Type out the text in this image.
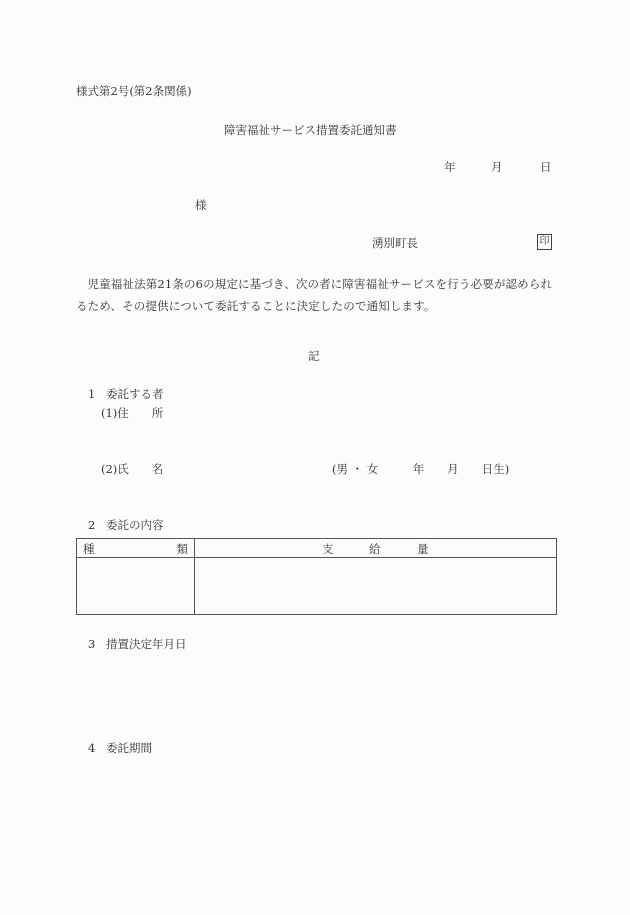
様式第2号(第2条関係)
障害福祉サービス措置委託通知書
年	月	日
様
湧別町長	印
児童福祉法第21条の6の規定に基づき、次の者に障害福祉サービスを行う必要が認められるため、その提供について委託することに決定したので通知します。
記
1 委託する者
(1)住　　所
(2)氏　　名	(男 ・ 女　　　年　　月　　日生)
2 委託の内容
種 類	支 給 量

3 措置決定年月日
4 委託期間
